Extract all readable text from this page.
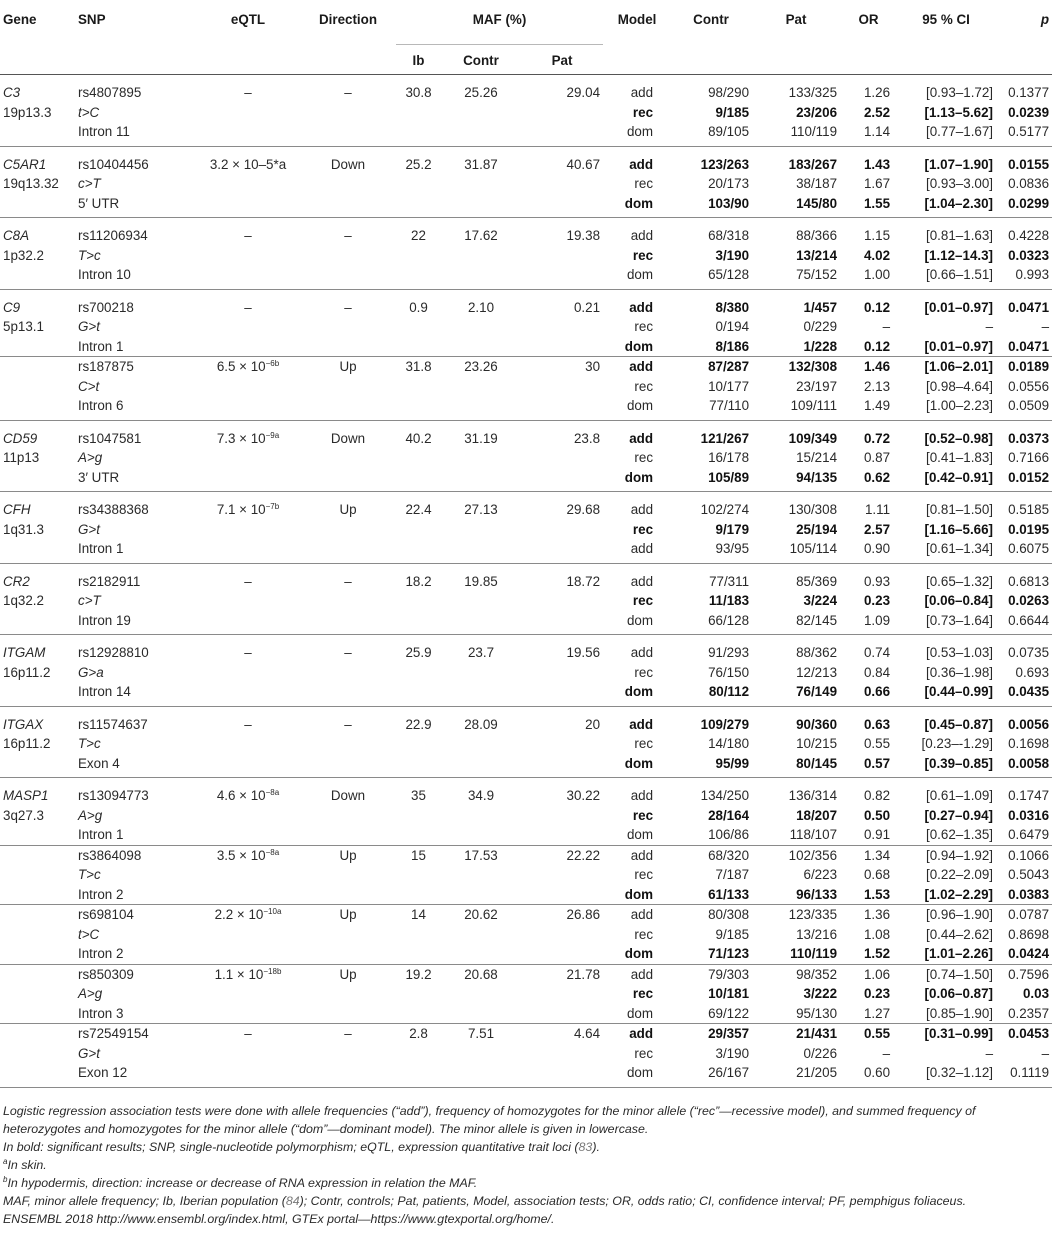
Gene	SNP	eQTL	Direction	MAF (%)			Model	Contr	Pat	OR	95 % CI	p
				Ib	Contr	Pat						
C3	rs4807895	–	–	30.8	25.26	29.04	add	98/290	133/325	1.26	[0.93–1.72]	0.1377
19p13.3	t>C						rec	9/185	23/206	2.52	[1.13–5.62]	0.0239
	Intron 11						dom	89/105	110/119	1.14	[0.77–1.67]	0.5177
C5AR1	rs10404456	3.2 × 10–5*a	Down	25.2	31.87	40.67	add	123/263	183/267	1.43	[1.07–1.90]	0.0155
19q13.32	c>T						rec	20/173	38/187	1.67	[0.93–3.00]	0.0836
	5′ UTR						dom	103/90	145/80	1.55	[1.04–2.30]	0.0299
C8A	rs11206934	–	–	22	17.62	19.38	add	68/318	88/366	1.15	[0.81–1.63]	0.4228
1p32.2	T>c						rec	3/190	13/214	4.02	[1.12–14.3]	0.0323
	Intron 10						dom	65/128	75/152	1.00	[0.66–1.51]	0.993
C9	rs700218	–	–	0.9	2.10	0.21	add	8/380	1/457	0.12	[0.01–0.97]	0.0471
5p13.1	G>t						rec	0/194	0/229	–	–	–
	Intron 1						dom	8/186	1/228	0.12	[0.01–0.97]	0.0471
	rs187875	$6.5 \times 10^{-6b}$	Up	31.8	23.26	30	add	87/287	132/308	1.46	[1.06–2.01]	0.0189
	C>t						rec	10/177	23/197	2.13	[0.98–4.64]	0.0556
	Intron 6						dom	77/110	109/111	1.49	[1.00–2.23]	0.0509
CD59	rs1047581	$7.3 \times 10^{-9a}$	Down	40.2	31.19	23.8	add	121/267	109/349	0.72	[0.52–0.98]	0.0373
11p13	A>g						rec	16/178	15/214	0.87	[0.41–1.83]	0.7166
	3′ UTR						dom	105/89	94/135	0.62	[0.42–0.91]	0.0152
CFH	rs34388368	$7.1 \times 10^{-7b}$	Up	22.4	27.13	29.68	add	102/274	130/308	1.11	[0.81–1.50]	0.5185
1q31.3	G>t						rec	9/179	25/194	2.57	[1.16–5.66]	0.0195
	Intron 1						add	93/95	105/114	0.90	[0.61–1.34]	0.6075
CR2	rs2182911	–	–	18.2	19.85	18.72	add	77/311	85/369	0.93	[0.65–1.32]	0.6813
1q32.2	c>T						rec	11/183	3/224	0.23	[0.06–0.84]	0.0263
	Intron 19						dom	66/128	82/145	1.09	[0.73–1.64]	0.6644
ITGAM	rs12928810	–	–	25.9	23.7	19.56	add	91/293	88/362	0.74	[0.53–1.03]	0.0735
16p11.2	G>a						rec	76/150	12/213	0.84	[0.36–1.98]	0.693
	Intron 14						dom	80/112	76/149	0.66	[0.44–0.99]	0.0435
ITGAX	rs11574637	–	–	22.9	28.09	20	add	109/279	90/360	0.63	[0.45–0.87]	0.0056
16p11.2	T>c						rec	14/180	10/215	0.55	[0.23–-1.29]	0.1698
	Exon 4						dom	95/99	80/145	0.57	[0.39–0.85]	0.0058
MASP1	rs13094773	$4.6 \times 10^{-8a}$	Down	35	34.9	30.22	add	134/250	136/314	0.82	[0.61–1.09]	0.1747
3q27.3	A>g						rec	28/164	18/207	0.50	[0.27–0.94]	0.0316
	Intron 1						dom	106/86	118/107	0.91	[0.62–1.35]	0.6479
	rs3864098	$3.5 \times 10^{-8a}$	Up	15	17.53	22.22	add	68/320	102/356	1.34	[0.94–1.92]	0.1066
	T>c						rec	7/187	6/223	0.68	[0.22–2.09]	0.5043
	Intron 2						dom	61/133	96/133	1.53	[1.02–2.29]	0.0383
	rs698104	$2.2 \times 10^{-10a}$	Up	14	20.62	26.86	add	80/308	123/335	1.36	[0.96–1.90]	0.0787
	t>C						rec	9/185	13/216	1.08	[0.44–2.62]	0.8698
	Intron 2						dom	71/123	110/119	1.52	[1.01–2.26]	0.0424
	rs850309	$1.1 \times 10^{-18b}$	Up	19.2	20.68	21.78	add	79/303	98/352	1.06	[0.74–1.50]	0.7596
	A>g						rec	10/181	3/222	0.23	[0.06–0.87]	0.03
	Intron 3						dom	69/122	95/130	1.27	[0.85–1.90]	0.2357
	rs72549154	–	–	2.8	7.51	4.64	add	29/357	21/431	0.55	[0.31–0.99]	0.0453
	G>t						rec	3/190	0/226	–	–	–
	Exon 12						dom	26/167	21/205	0.60	[0.32–1.12]	0.1119

Logistic regression association tests were done with allele frequencies (“add”), frequency of homozygotes for the minor allele (“rec”—recessive model), and summed frequency of heterozygotes and homozygotes for the minor allele (“dom”—dominant model). The minor allele is given in lowercase.

In bold: significant results; SNP, single-nucleotide polymorphism; eQTL, expression quantitative trait loci (83).

$^a$In skin.

$^b$In hypodermis, direction: increase or decrease of RNA expression in relation the MAF.

MAF, minor allele frequency; Ib, Iberian population (84); Contr, controls; Pat, patients, Model, association tests; OR, odds ratio; CI, confidence interval; PF, pemphigus foliaceus.

ENSEMBL 2018 http://www.ensembl.org/index.html, GTEx portal—https://www.gtexportal.org/home/.
